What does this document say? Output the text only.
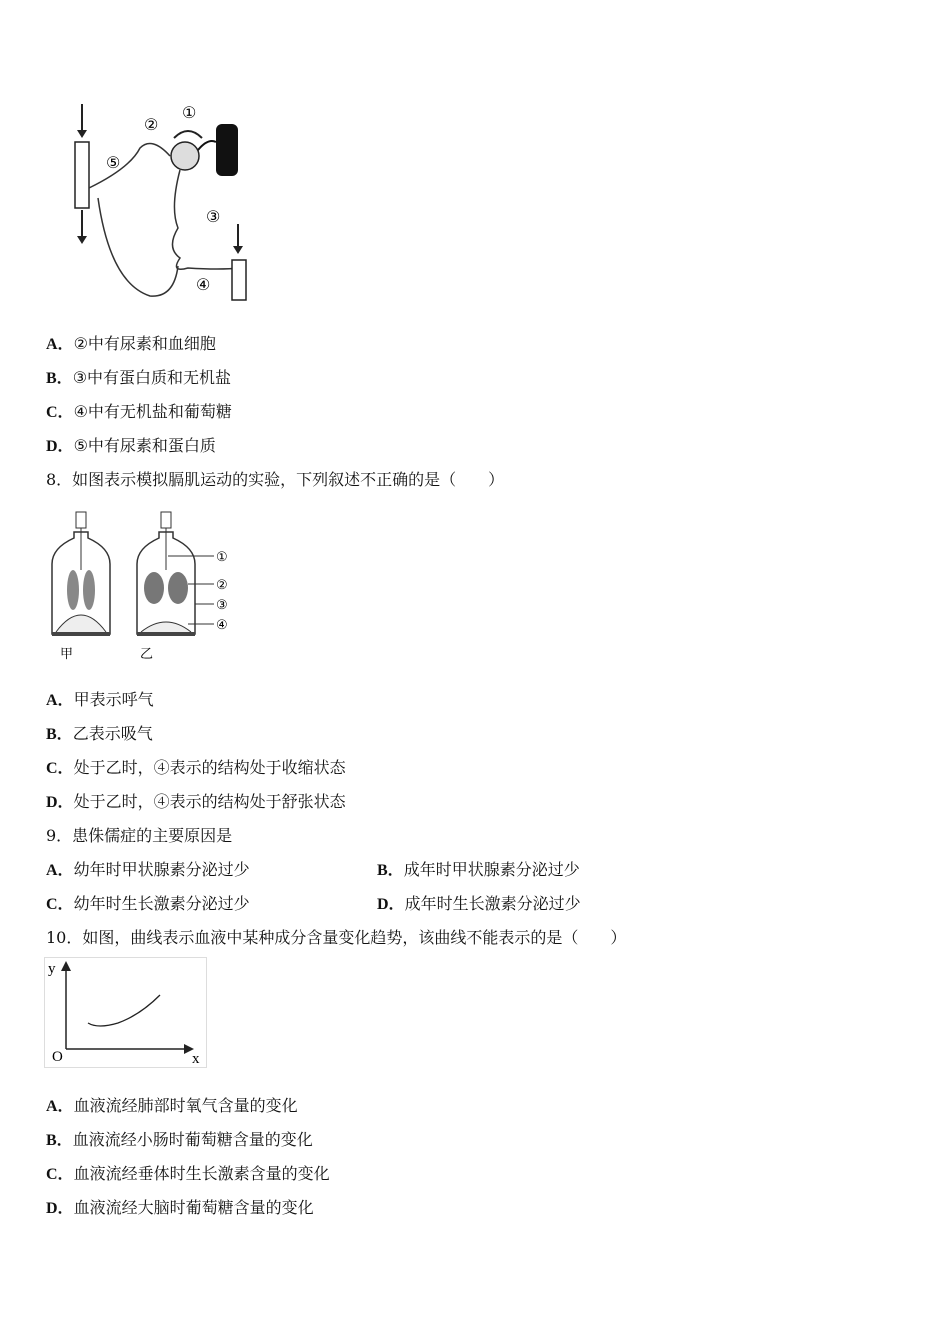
①
②
③
④
⑤
A．②中有尿素和血细胞
B．③中有蛋白质和无机盐
C．④中有无机盐和葡萄糖
D．⑤中有尿素和蛋白质
8．如图表示模拟膈肌运动的实验，下列叙述不正确的是（　　）
①
②
③
④
甲	乙
A．甲表示呼气
B．乙表示吸气
C．处于乙时，④表示的结构处于收缩状态
D．处于乙时，④表示的结构处于舒张状态
9．患侏儒症的主要原因是
A．幼年时甲状腺素分泌过少	B．成年时甲状腺素分泌过少
C．幼年时生长激素分泌过少	D．成年时生长激素分泌过少
10．如图，曲线表示血液中某种成分含量变化趋势，该曲线不能表示的是（　　）
y
x
O
A．血液流经肺部时氧气含量的变化
B．血液流经小肠时葡萄糖含量的变化
C．血液流经垂体时生长激素含量的变化
D．血液流经大脑时葡萄糖含量的变化
